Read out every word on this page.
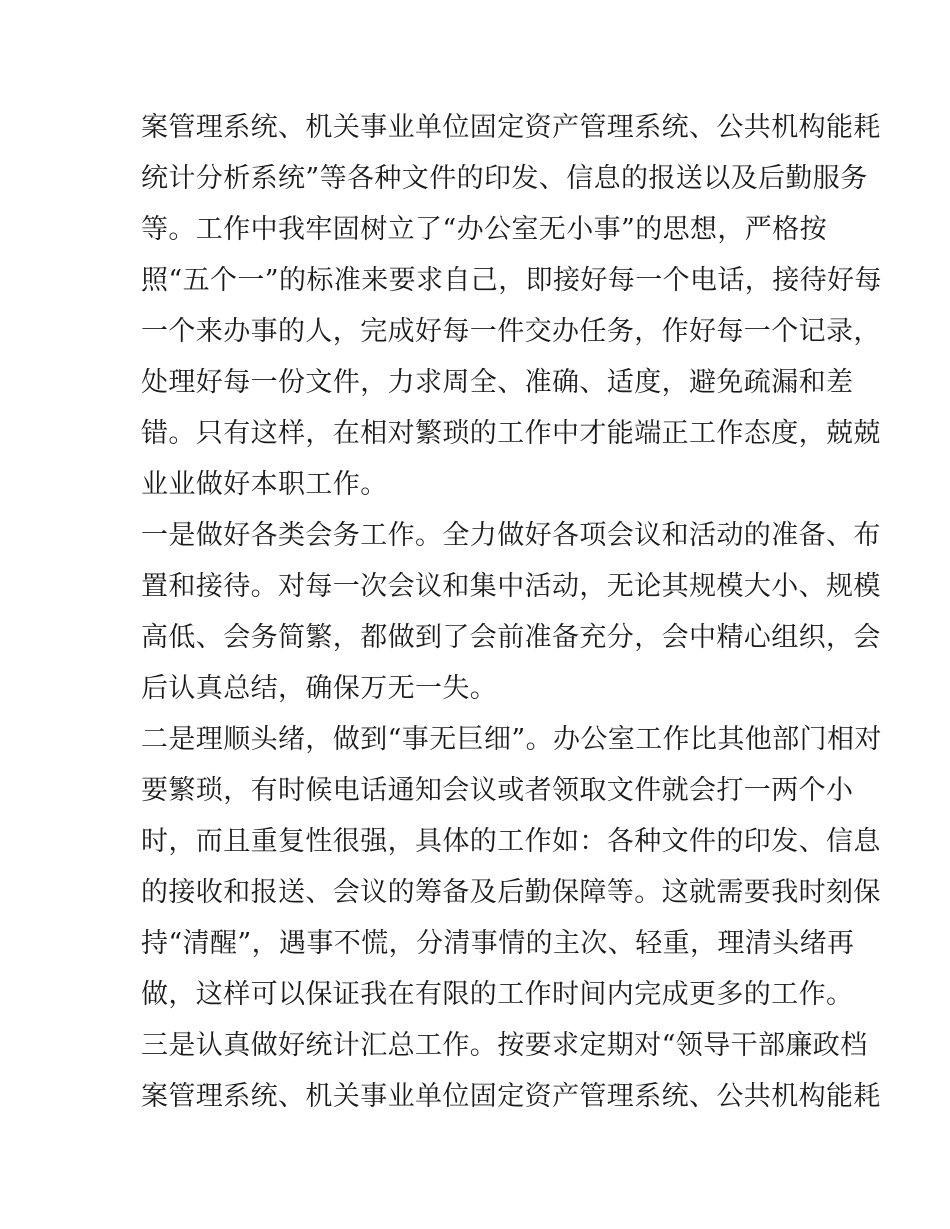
案管理系统、机关事业单位固定资产管理系统、公共机构能耗
统计分析系统”等各种文件的印发、信息的报送以及后勤服务
等。工作中我牢固树立了“办公室无小事”的思想，严格按
照“五个一”的标准来要求自己，即接好每一个电话，接待好每
一个来办事的人，完成好每一件交办任务，作好每一个记录，
处理好每一份文件，力求周全、准确、适度，避免疏漏和差
错。只有这样，在相对繁琐的工作中才能端正工作态度，兢兢
业业做好本职工作。
一是做好各类会务工作。全力做好各项会议和活动的准备、布
置和接待。对每一次会议和集中活动，无论其规模大小、规模
高低、会务简繁，都做到了会前准备充分，会中精心组织，会
后认真总结，确保万无一失。
二是理顺头绪，做到“事无巨细”。办公室工作比其他部门相对
要繁琐，有时候电话通知会议或者领取文件就会打一两个小
时，而且重复性很强，具体的工作如：各种文件的印发、信息
的接收和报送、会议的筹备及后勤保障等。这就需要我时刻保
持“清醒”，遇事不慌，分清事情的主次、轻重，理清头绪再
做，这样可以保证我在有限的工作时间内完成更多的工作。
三是认真做好统计汇总工作。按要求定期对“领导干部廉政档
案管理系统、机关事业单位固定资产管理系统、公共机构能耗
